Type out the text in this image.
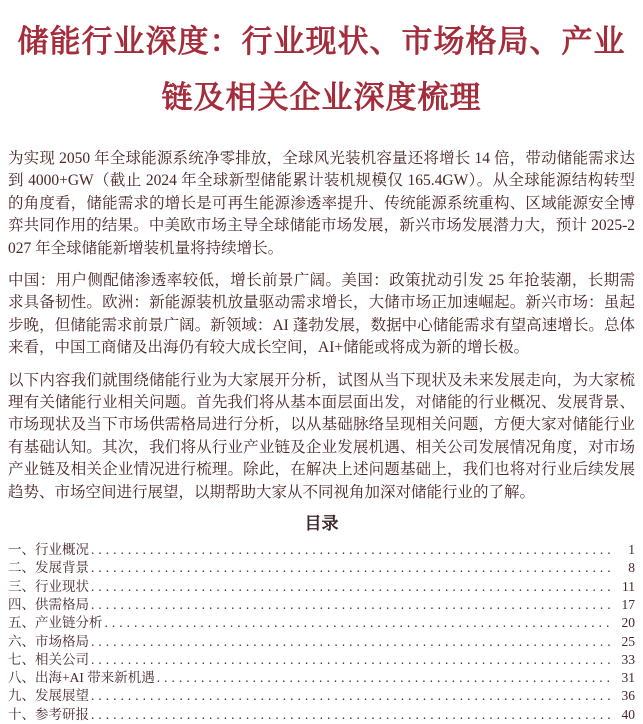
储能行业深度：行业现状、市场格局、产业
链及相关企业深度梳理

为实现 2050 年全球能源系统净零排放，全球风光装机容量还将增长 14 倍，带动储能需求达到 4000+GW（截止 2024 年全球新型储能累计装机规模仅 165.4GW）。从全球能源结构转型的角度看，储能需求的增长是可再生能源渗透率提升、传统能源系统重构、区域能源安全博弈共同作用的结果。中美欧市场主导全球储能市场发展，新兴市场发展潜力大，预计 2025-2027 年全球储能新增装机量将持续增长。

中国：用户侧配储渗透率较低，增长前景广阔。美国：政策扰动引发 25 年抢装潮，长期需求具备韧性。欧洲：新能源装机放量驱动需求增长，大储市场正加速崛起。新兴市场：虽起步晚，但储能需求前景广阔。新领域：AI 蓬勃发展，数据中心储能需求有望高速增长。总体来看，中国工商储及出海仍有较大成长空间，AI+储能或将成为新的增长极。

以下内容我们就围绕储能行业为大家展开分析，试图从当下现状及未来发展走向，为大家梳理有关储能行业相关问题。首先我们将从基本面层面出发，对储能的行业概况、发展背景、市场现状及当下市场供需格局进行分析，以从基础脉络呈现相关问题，方便大家对储能行业有基础认知。其次，我们将从行业产业链及企业发展机遇、相关公司发展情况角度，对市场产业链及相关企业情况进行梳理。除此，在解决上述问题基础上，我们也将对行业后续发展趋势、市场空间进行展望，以期帮助大家从不同视角加深对储能行业的了解。

目录
一、行业概况 .....	1
二、发展背景 .....	8
三、行业现状 .....	11
四、供需格局 .....	17
五、产业链分析 .....	20
六、市场格局 .....	25
七、相关公司 .....	33
八、出海+AI 带来新机遇 .....	31
九、发展展望 .....	36
十、参考研报 .....	40
